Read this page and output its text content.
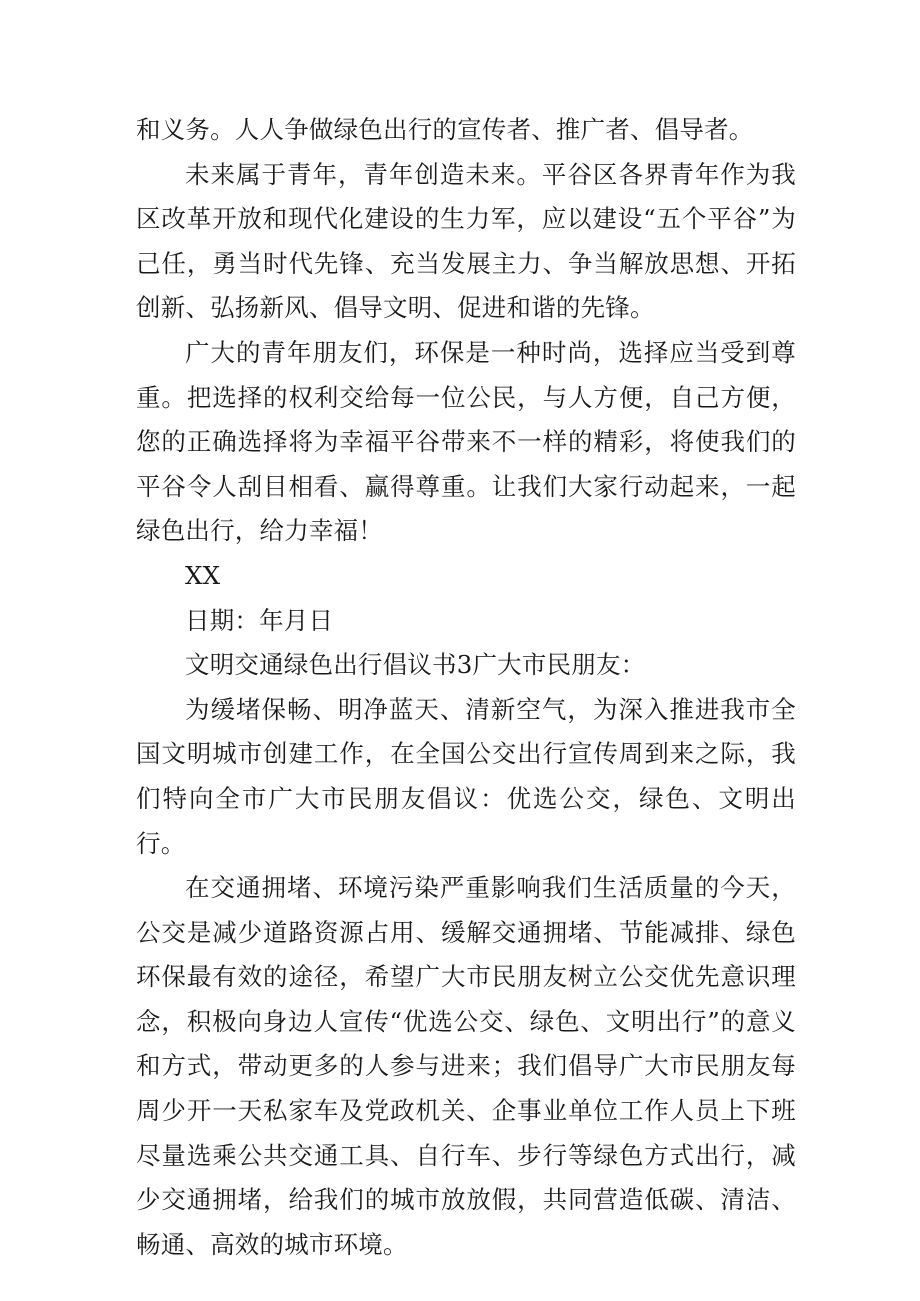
和义务。人人争做绿色出行的宣传者、推广者、倡导者。

未来属于青年，青年创造未来。平谷区各界青年作为我区改革开放和现代化建设的生力军，应以建设“五个平谷”为己任，勇当时代先锋、充当发展主力、争当解放思想、开拓创新、弘扬新风、倡导文明、促进和谐的先锋。

广大的青年朋友们，环保是一种时尚，选择应当受到尊重。把选择的权利交给每一位公民，与人方便，自己方便，您的正确选择将为幸福平谷带来不一样的精彩，将使我们的平谷令人刮目相看、赢得尊重。让我们大家行动起来，一起绿色出行，给力幸福！

XX

日期：年月日

文明交通绿色出行倡议书3广大市民朋友：

为缓堵保畅、明净蓝天、清新空气，为深入推进我市全国文明城市创建工作，在全国公交出行宣传周到来之际，我们特向全市广大市民朋友倡议：优选公交，绿色、文明出行。

在交通拥堵、环境污染严重影响我们生活质量的今天，公交是减少道路资源占用、缓解交通拥堵、节能减排、绿色环保最有效的途径，希望广大市民朋友树立公交优先意识理念，积极向身边人宣传“优选公交、绿色、文明出行”的意义和方式，带动更多的人参与进来；我们倡导广大市民朋友每周少开一天私家车及党政机关、企事业单位工作人员上下班尽量选乘公共交通工具、自行车、步行等绿色方式出行，减少交通拥堵，给我们的城市放放假，共同营造低碳、清洁、畅通、高效的城市环境。
